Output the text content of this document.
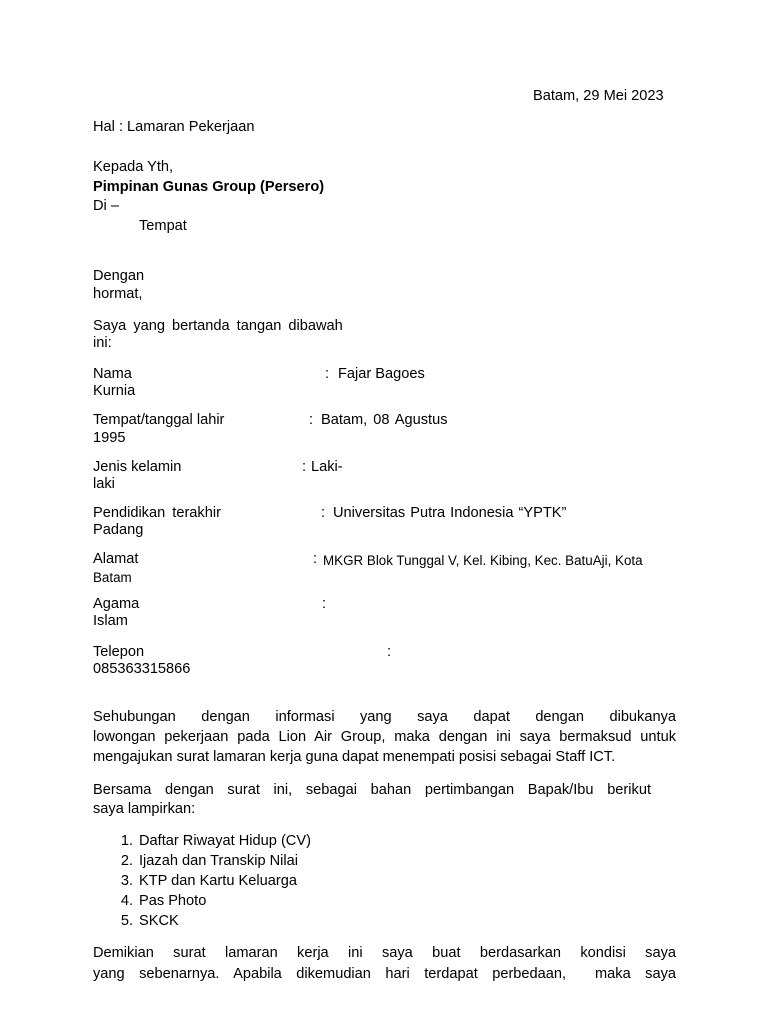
Batam, 29 Mei 2023
Hal : Lamaran Pekerjaan
Kepada Yth,
Pimpinan Gunas Group (Persero)
Di –
Tempat
Dengan
hormat,
Saya yang bertanda tangan dibawah
ini:
Nama	: Fajar Bagoes
Kurnia
Tempat/tanggal lahir	: Batam, 08 Agustus
1995
Jenis kelamin	: Laki-
laki
Pendidikan terakhir	: Universitas Putra Indonesia “YPTK”
Padang
Alamat	: MKGR Blok Tunggal V, Kel. Kibing, Kec. BatuAji, Kota
Batam
Agama	:
Islam
Telepon	:
085363315866
Sehubungan dengan informasi yang saya dapat dengan dibukanya
lowongan pekerjaan pada Lion Air Group, maka dengan ini saya bermaksud untuk
mengajukan surat lamaran kerja guna dapat menempati posisi sebagai Staff ICT.
Bersama dengan surat ini, sebagai bahan pertimbangan Bapak/Ibu berikut
saya lampirkan:
1. Daftar Riwayat Hidup (CV)
2. Ijazah dan Transkip Nilai
3. KTP dan Kartu Keluarga
4. Pas Photo
5. SKCK
Demikian surat lamaran kerja ini saya buat berdasarkan kondisi saya
yang sebenarnya. Apabila dikemudian hari terdapat perbedaan,  maka saya
